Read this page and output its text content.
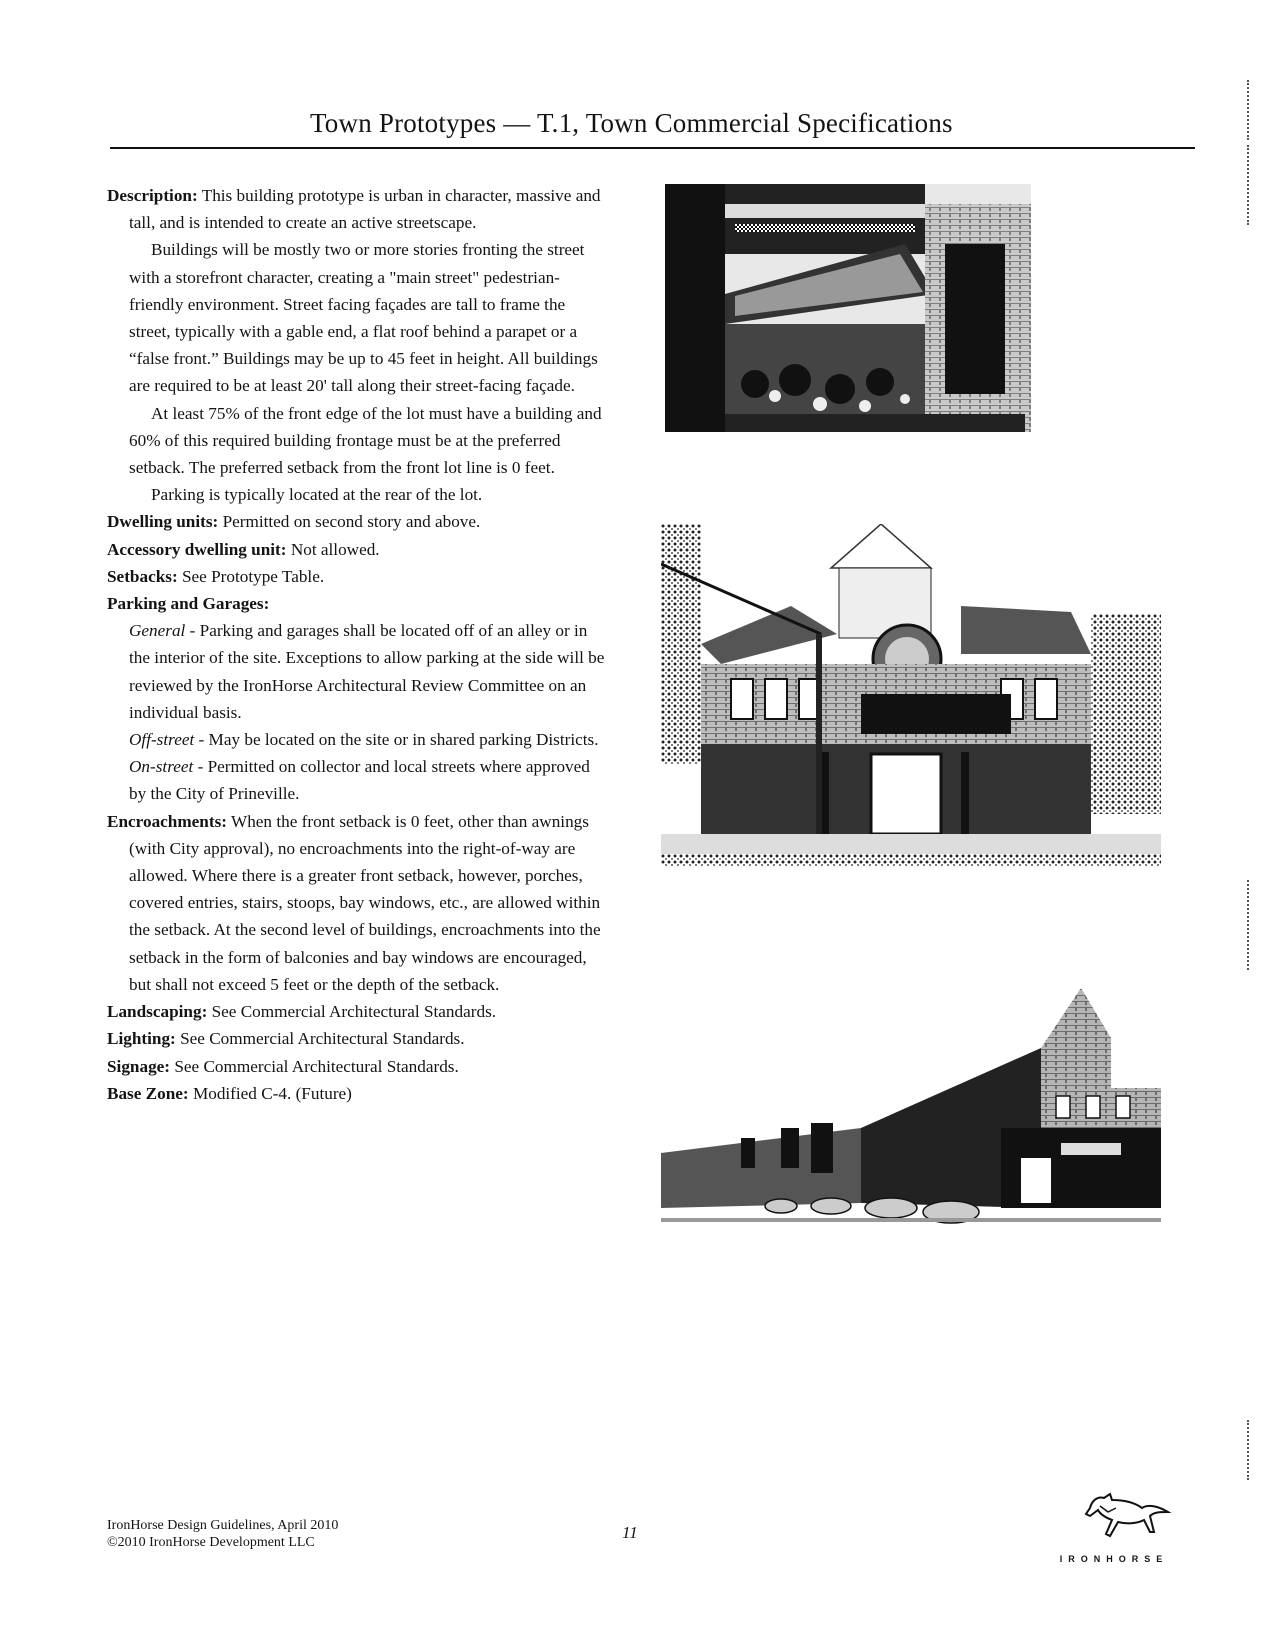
Town Prototypes — T.1, Town Commercial Specifications

Description: This building prototype is urban in character, massive and tall, and is intended to create an active streetscape.

Buildings will be mostly two or more stories fronting the street with a storefront character, creating a "main street" pedestrian-friendly environment. Street facing façades are tall to frame the street, typically with a gable end, a flat roof behind a parapet or a “false front.” Buildings may be up to 45 feet in height. All buildings are required to be at least 20' tall along their street-facing façade.

At least 75% of the front edge of the lot must have a building and 60% of this required building frontage must be at the preferred setback. The preferred setback from the front lot line is 0 feet.

Parking is typically located at the rear of the lot.

Dwelling units: Permitted on second story and above.

Accessory dwelling unit: Not allowed.

Setbacks: See Prototype Table.

Parking and Garages:

General - Parking and garages shall be located off of an alley or in the interior of the site. Exceptions to allow parking at the side will be reviewed by the IronHorse Architectural Review Committee on an individual basis.

Off-street - May be located on the site or in shared parking Districts.

On-street - Permitted on collector and local streets where approved by the City of Prineville.

Encroachments: When the front setback is 0 feet, other than awnings (with City approval), no encroachments into the right-of-way are allowed. Where there is a greater front setback, however, porches, covered entries, stairs, stoops, bay windows, etc., are allowed within the setback. At the second level of buildings, encroachments into the setback in the form of balconies and bay windows are encouraged, but shall not exceed 5 feet or the depth of the setback.

Landscaping: See Commercial Architectural Standards.

Lighting: See Commercial Architectural Standards.

Signage: See Commercial Architectural Standards.

Base Zone: Modified C-4. (Future)

IronHorse Design Guidelines, April 2010
©2010 IronHorse Development LLC
11
IRONHORSE
